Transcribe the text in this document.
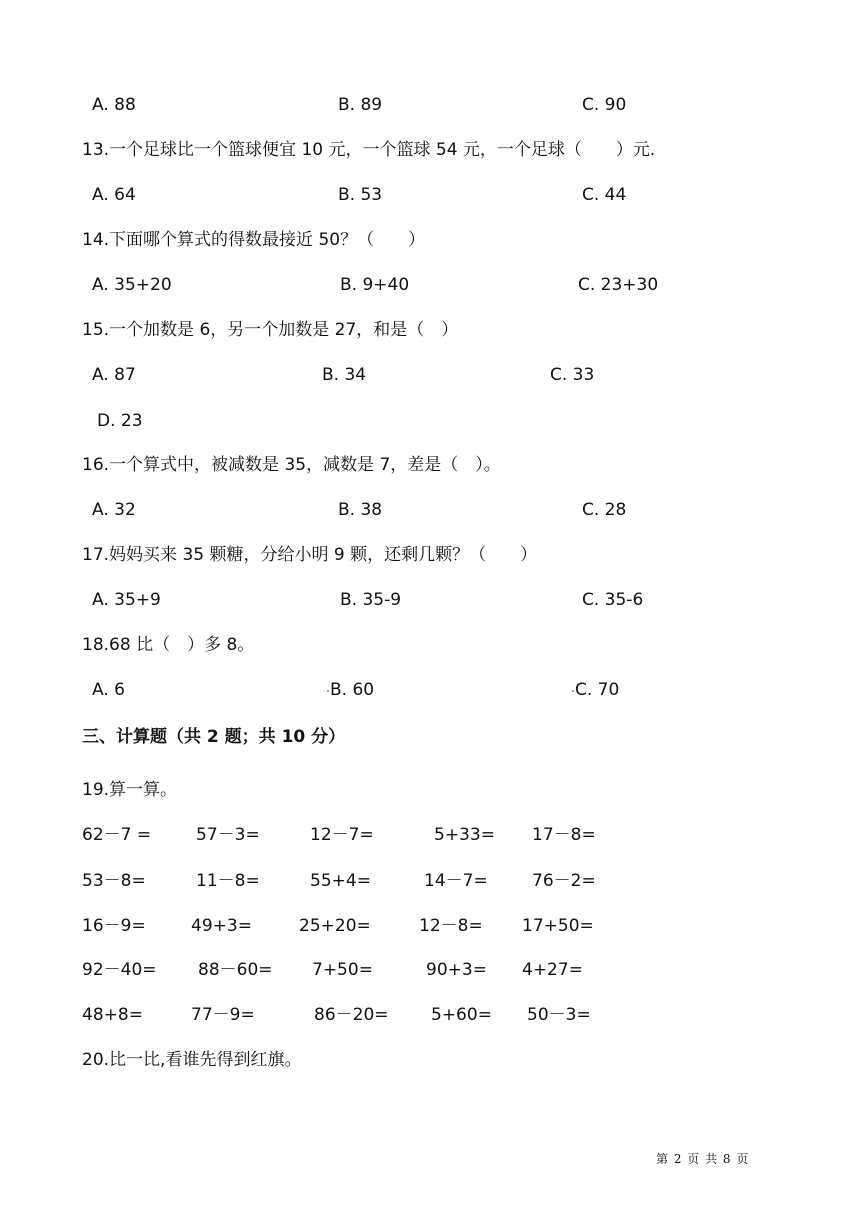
A. 88	B. 89	C. 90
13.一个足球比一个篮球便宜 10 元，一个篮球 54 元，一个足球（　　）元.
A. 64	B. 53	C. 44
14.下面哪个算式的得数最接近 50？（　　）
A. 35+20	B. 9+40	C. 23+30
15.一个加数是 6，另一个加数是 27，和是（　）
A. 87	B. 34	C. 33
D. 23
16.一个算式中，被减数是 35，减数是 7，差是（　）。
A. 32	B. 38	C. 28
17.妈妈买来 35 颗糖，分给小明 9 颗，还剩几颗？（　　）
A. 35+9	B. 35-9	C. 35-6
18.68 比（　）多 8。
A. 6	B. 60	C. 70
三、计算题（共 2 题；共 10 分）
19.算一算。
62－7 =	57－3=	12－7=	5+33= 17－8=
53－8=	11－8=	55+4=	14－7=	76－2=
16－9=	49+3=	25+20=	12－8= 17+50=
92－40= 88－60= 7+50=	90+3= 4+27=
48+8=	77－9=	86－20= 5+60= 50－3=
20.比一比,看谁先得到红旗。
第 2 页 共 8 页
